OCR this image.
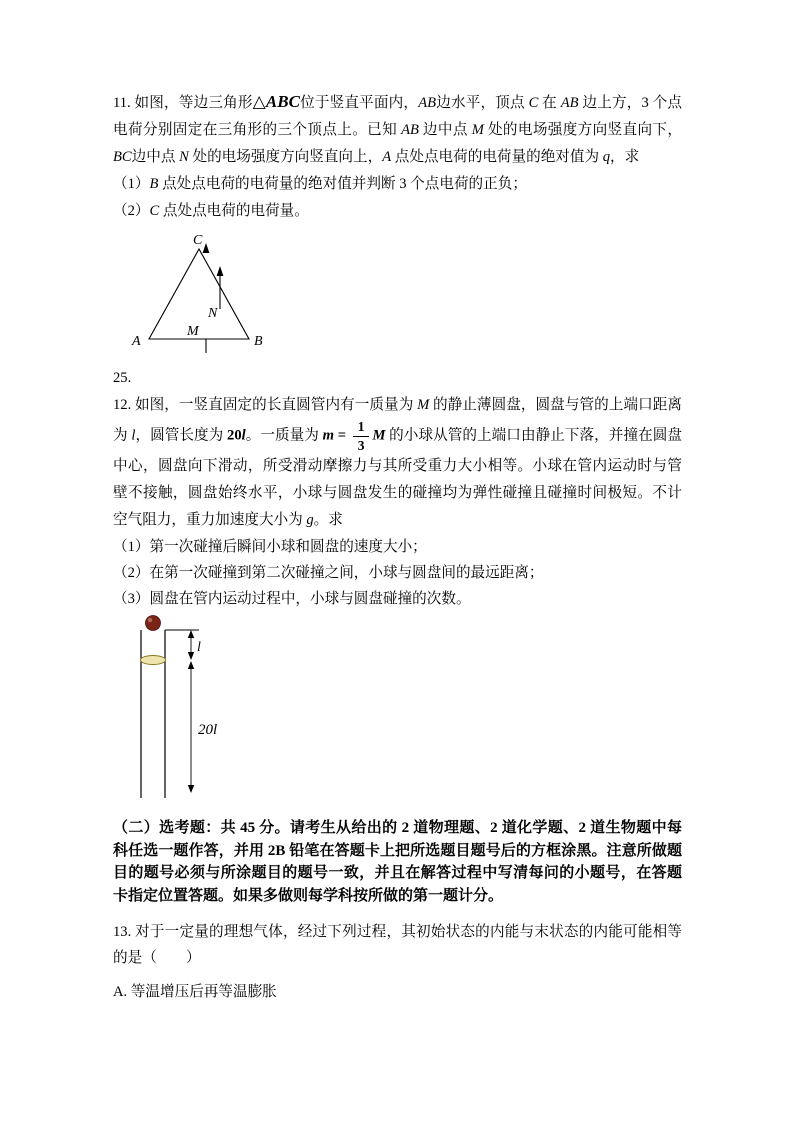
11. 如图，等边三角形△ABC位于竖直平面内，AB边水平，顶点 C 在 AB 边上方，3 个点电荷分别固定在三角形的三个顶点上。已知 AB 边中点 M 处的电场强度方向竖直向下，BC边中点 N 处的电场强度方向竖直向上，A 点处点电荷的电荷量的绝对值为 q，求

（1）B 点处点电荷的电荷量的绝对值并判断 3 个点电荷的正负；

（2）C 点处点电荷的电荷量。

C
A	B
N
M

25.

12. 如图，一竖直固定的长直圆管内有一质量为 M 的静止薄圆盘，圆盘与管的上端口距离为 l，圆管长度为 20l。一质量为 $m = \frac{1}{3}$ M 的小球从管的上端口由静止下落，并撞在圆盘中心，圆盘向下滑动，所受滑动摩擦力与其所受重力大小相等。小球在管内运动时与管壁不接触，圆盘始终水平，小球与圆盘发生的碰撞均为弹性碰撞且碰撞时间极短。不计空气阻力，重力加速度大小为 g。求

（1）第一次碰撞后瞬间小球和圆盘的速度大小；

（2）在第一次碰撞到第二次碰撞之间，小球与圆盘间的最远距离；

（3）圆盘在管内运动过程中，小球与圆盘碰撞的次数。

l
20l

（二）选考题：共 45 分。请考生从给出的 2 道物理题、2 道化学题、2 道生物题中每科任选一题作答，并用 2B 铅笔在答题卡上把所选题目题号后的方框涂黑。注意所做题目的题号必须与所涂题目的题号一致，并且在解答过程中写清每问的小题号，在答题卡指定位置答题。如果多做则每学科按所做的第一题计分。

13. 对于一定量的理想气体，经过下列过程，其初始状态的内能与末状态的内能可能相等的是（　　）

A. 等温增压后再等温膨胀
